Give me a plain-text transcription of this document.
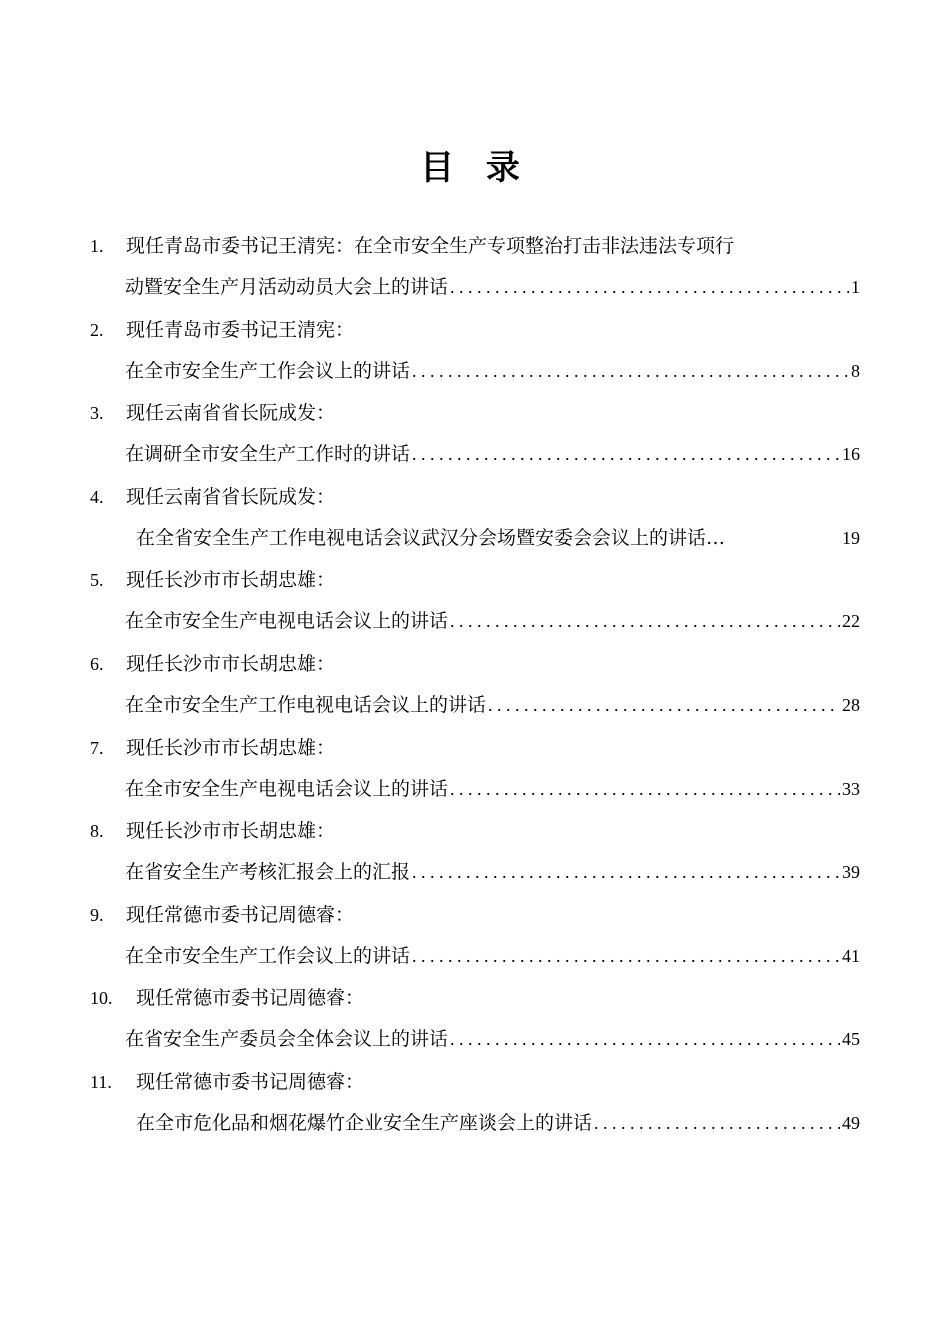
目 录
1. 现任青岛市委书记王清宪：在全市安全生产专项整治打击非法违法专项行
动暨安全生产月活动动员大会上的讲话 . . .	1
2. 现任青岛市委书记王清宪：
在全市安全生产工作会议上的讲话 . . .	8
3. 现任云南省省长阮成发：
在调研全市安全生产工作时的讲话 . . .	16
4. 现任云南省省长阮成发：
在全省安全生产工作电视电话会议武汉分会场暨安委会会议上的讲话…	19
5. 现任长沙市市长胡忠雄：
在全市安全生产电视电话会议上的讲话 . . .	22
6. 现任长沙市市长胡忠雄：
在全市安全生产工作电视电话会议上的讲话 . . .	28
7. 现任长沙市市长胡忠雄：
在全市安全生产电视电话会议上的讲话 . . .	33
8. 现任长沙市市长胡忠雄：
在省安全生产考核汇报会上的汇报 . . .	39
9. 现任常德市委书记周德睿：
在全市安全生产工作会议上的讲话 . . .	41
10. 现任常德市委书记周德睿：
在省安全生产委员会全体会议上的讲话 . . .	45
11. 现任常德市委书记周德睿：
在全市危化品和烟花爆竹企业安全生产座谈会上的讲话 . . .	49
